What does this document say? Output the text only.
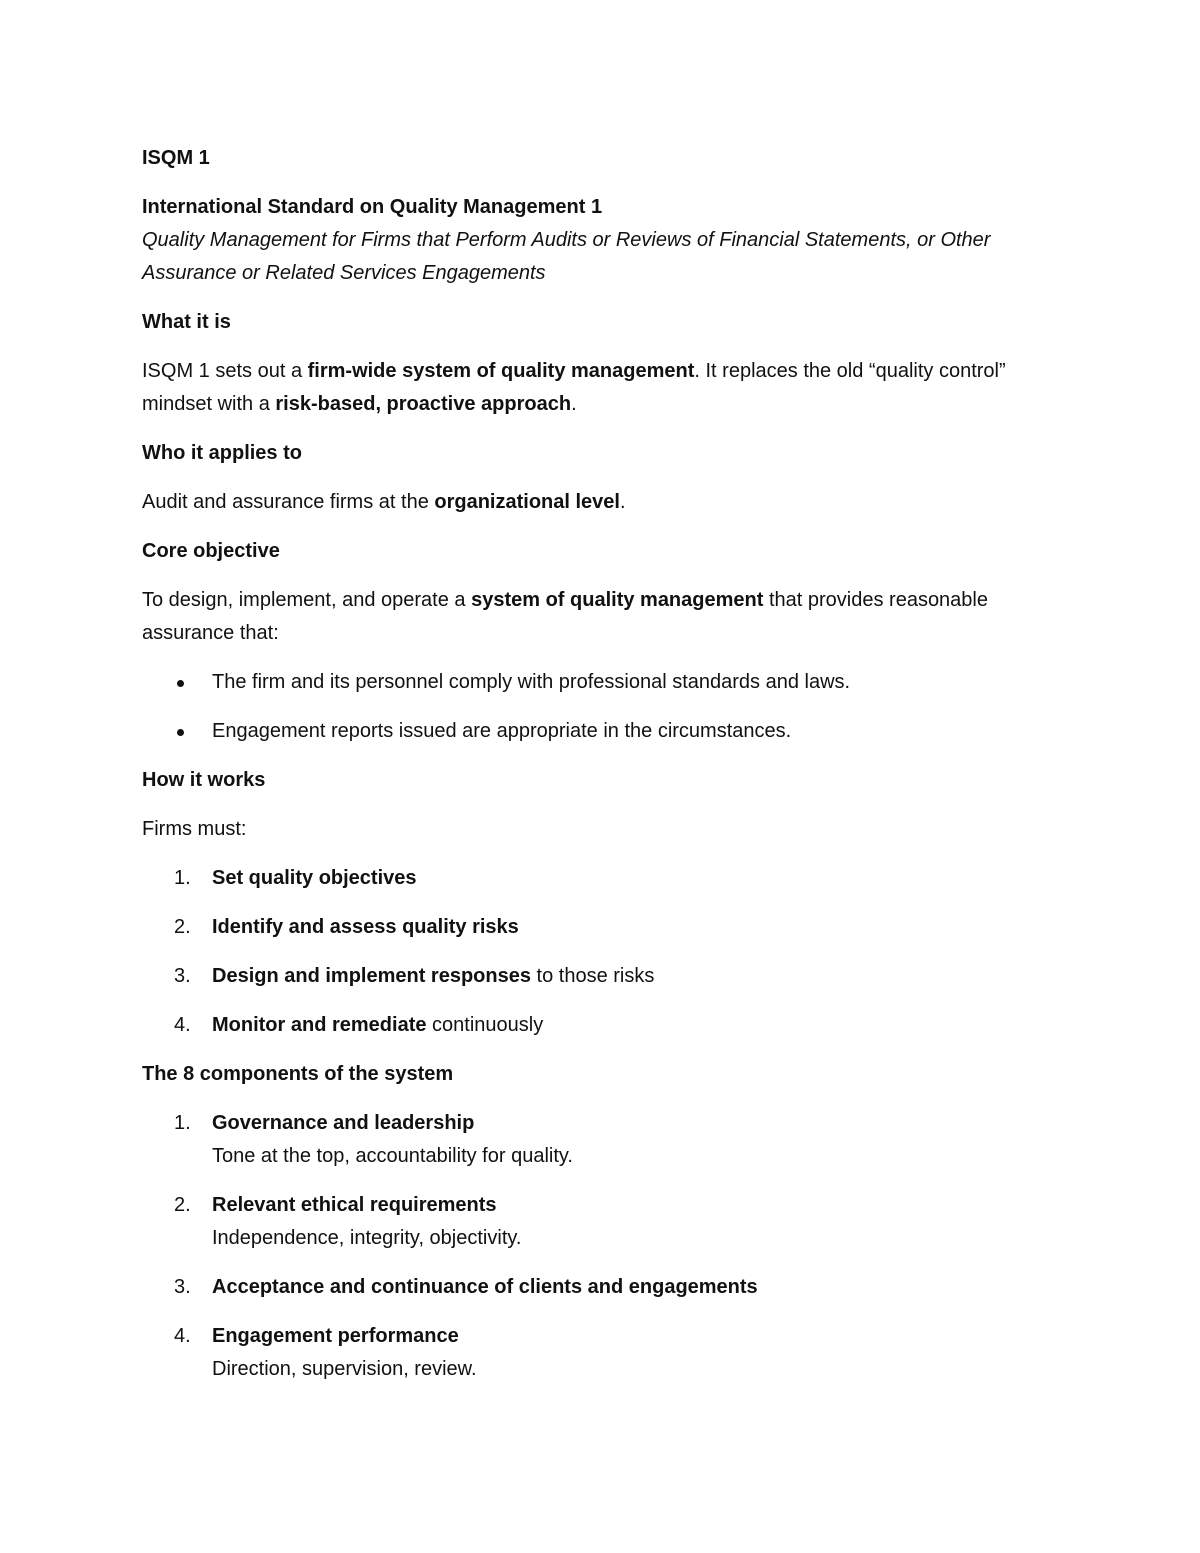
ISQM 1

International Standard on Quality Management 1

Quality Management for Firms that Perform Audits or Reviews of Financial Statements, or Other Assurance or Related Services Engagements

What it is

ISQM 1 sets out a firm-wide system of quality management. It replaces the old “quality control” mindset with a risk-based, proactive approach.

Who it applies to

Audit and assurance firms at the organizational level.

Core objective

To design, implement, and operate a system of quality management that provides reasonable assurance that:

The firm and its personnel comply with professional standards and laws.
Engagement reports issued are appropriate in the circumstances.

How it works

Firms must:

1. Set quality objectives
2. Identify and assess quality risks
3. Design and implement responses to those risks
4. Monitor and remediate continuously

The 8 components of the system

1. Governance and leadership
Tone at the top, accountability for quality.
2. Relevant ethical requirements
Independence, integrity, objectivity.
3. Acceptance and continuance of clients and engagements
4. Engagement performance
Direction, supervision, review.
